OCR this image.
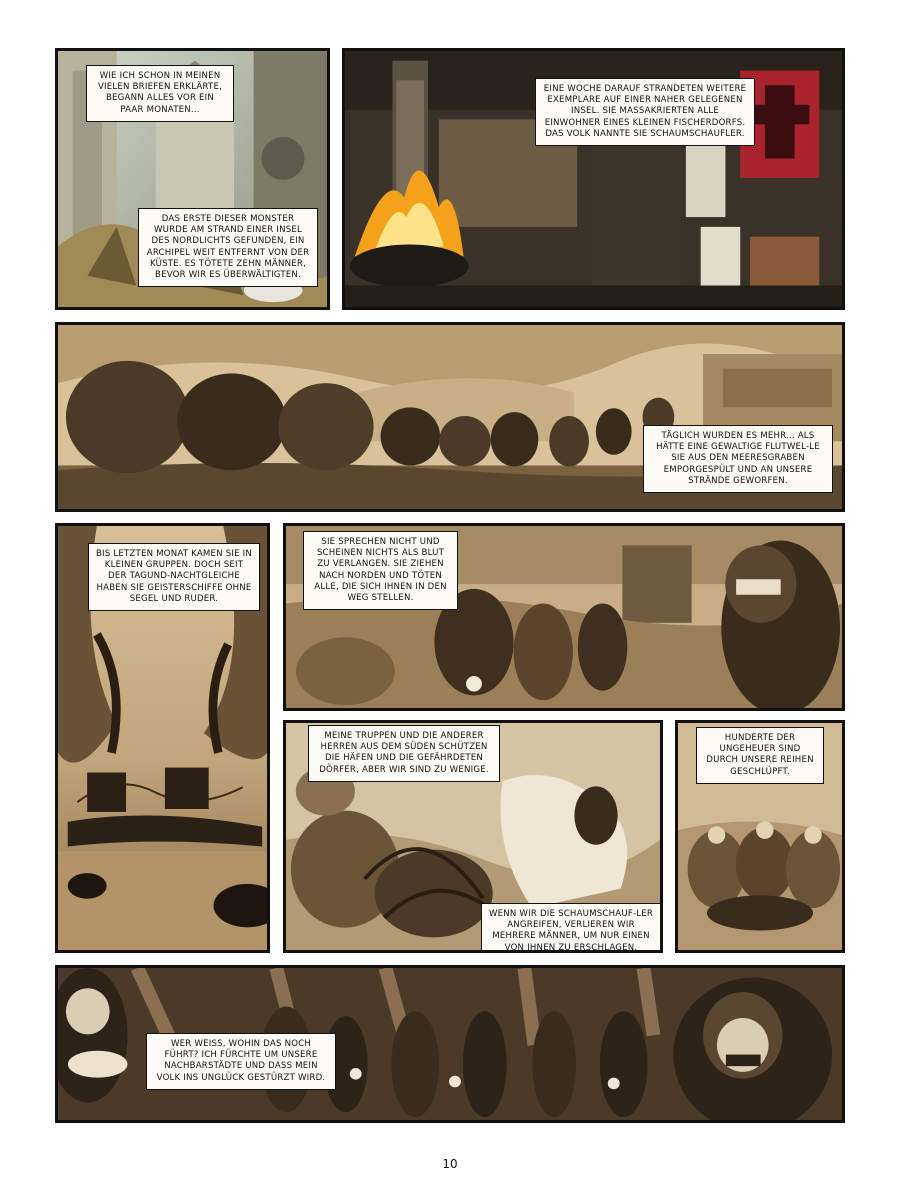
WIE ICH SCHON IN MEINEN VIELEN BRIEFEN ERKLÄRTE, BEGANN ALLES VOR EIN PAAR MONATEN...
DAS ERSTE DIESER MONSTER WURDE AM STRAND EINER INSEL DES NORDLICHTS GEFUNDEN, EIN ARCHIPEL WEIT ENTFERNT VON DER KÜSTE. ES TÖTETE ZEHN MÄNNER, BEVOR WIR ES ÜBERWÄLTIGTEN.
EINE WOCHE DARAUF STRANDETEN WEITERE EXEMPLARE AUF EINER NAHER GELEGENEN INSEL. SIE MASSAKRIERTEN ALLE EINWOHNER EINES KLEINEN FISCHERDORFS. DAS VOLK NANNTE SIE SCHAUMSCHAUFLER.
TÄGLICH WURDEN ES MEHR... ALS HÄTTE EINE GEWALTIGE FLUTWEL-LE SIE AUS DEN MEERESGRABEN EMPORGESPÜLT UND AN UNSERE STRÄNDE GEWORFEN.
BIS LETZTEN MONAT KAMEN SIE IN KLEINEN GRUPPEN. DOCH SEIT DER TAGUND-NACHTGLEICHE HABEN SIE GEISTERSCHIFFE OHNE SEGEL UND RUDER.
SIE SPRECHEN NICHT UND SCHEINEN NICHTS ALS BLUT ZU VERLANGEN. SIE ZIEHEN NACH NORDEN UND TÖTEN ALLE, DIE SICH IHNEN IN DEN WEG STELLEN.
MEINE TRUPPEN UND DIE ANDERER HERREN AUS DEM SÜDEN SCHÜTZEN DIE HÄFEN UND DIE GEFÄHRDETEN DÖRFER, ABER WIR SIND ZU WENIGE.
WENN WIR DIE SCHAUMSCHAUF-LER ANGREIFEN, VERLIEREN WIR MEHRERE MÄNNER, UM NUR EINEN VON IHNEN ZU ERSCHLAGEN.
HUNDERTE DER UNGEHEUER SIND DURCH UNSERE REIHEN GESCHLÜPFT.
WER WEISS, WOHIN DAS NOCH FÜHRT? ICH FÜRCHTE UM UNSERE NACHBARSTÄDTE UND DASS MEIN VOLK INS UNGLÜCK GESTÜRZT WIRD.
10
